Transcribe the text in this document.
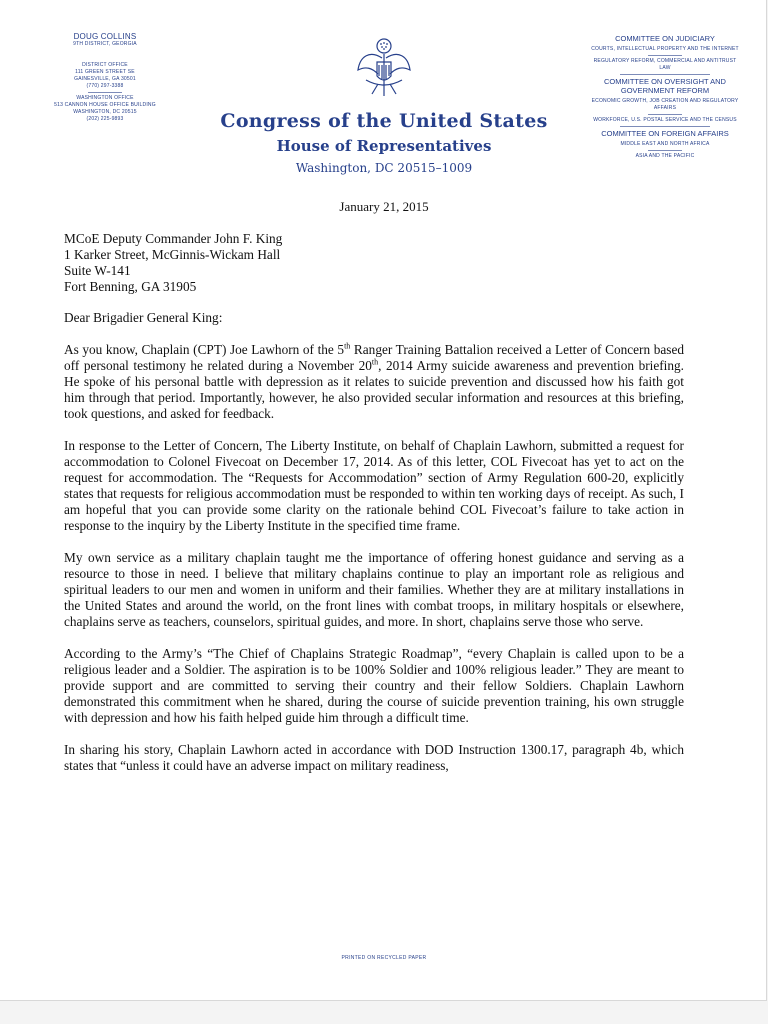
DOUG COLLINS
9TH DISTRICT, GEORGIA
DISTRICT OFFICE
111 GREEN STREET SE
GAINESVILLE, GA 30501
(770) 297-3388
WASHINGTON OFFICE
513 CANNON HOUSE OFFICE BUILDING
WASHINGTON, DC 20515
(202) 225-9893	Congress of the United States
House of Representatives
Washington, DC 20515–1009
COMMITTEE ON JUDICIARY
COURTS, INTELLECTUAL PROPERTY AND THE INTERNET
REGULATORY REFORM, COMMERCIAL AND ANTITRUST LAW
COMMITTEE ON OVERSIGHT AND GOVERNMENT REFORM
ECONOMIC GROWTH, JOB CREATION AND REGULATORY AFFAIRS
WORKFORCE, U.S. POSTAL SERVICE AND THE CENSUS
COMMITTEE ON FOREIGN AFFAIRS
MIDDLE EAST AND NORTH AFRICA
ASIA AND THE PACIFIC
January 21, 2015
MCoE Deputy Commander John F. King
1 Karker Street, McGinnis-Wickam Hall
Suite W-141
Fort Benning, GA 31905

Dear Brigadier General King:

As you know, Chaplain (CPT) Joe Lawhorn of the 5th Ranger Training Battalion received a Letter of Concern based off personal testimony he related during a November 20th, 2014 Army suicide awareness and prevention briefing. He spoke of his personal battle with depression as it relates to suicide prevention and discussed how his faith got him through that period. Importantly, however, he also provided secular information and resources at this briefing, took questions, and asked for feedback.

In response to the Letter of Concern, The Liberty Institute, on behalf of Chaplain Lawhorn, submitted a request for accommodation to Colonel Fivecoat on December 17, 2014. As of this letter, COL Fivecoat has yet to act on the request for accommodation. The “Requests for Accommodation” section of Army Regulation 600-20, explicitly states that requests for religious accommodation must be responded to within ten working days of receipt. As such, I am hopeful that you can provide some clarity on the rationale behind COL Fivecoat’s failure to take action in response to the inquiry by the Liberty Institute in the specified time frame.

My own service as a military chaplain taught me the importance of offering honest guidance and serving as a resource to those in need. I believe that military chaplains continue to play an important role as religious and spiritual leaders to our men and women in uniform and their families. Whether they are at military installations in the United States and around the world, on the front lines with combat troops, in military hospitals or elsewhere, chaplains serve as teachers, counselors, spiritual guides, and more. In short, chaplains serve those who serve.

According to the Army’s “The Chief of Chaplains Strategic Roadmap”, “every Chaplain is called upon to be a religious leader and a Soldier. The aspiration is to be 100% Soldier and 100% religious leader.” They are meant to provide support and are committed to serving their country and their fellow Soldiers. Chaplain Lawhorn demonstrated this commitment when he shared, during the course of suicide prevention training, his own struggle with depression and how his faith helped guide him through a difficult time.

In sharing his story, Chaplain Lawhorn acted in accordance with DOD Instruction 1300.17, paragraph 4b, which states that “unless it could have an adverse impact on military readiness,

PRINTED ON RECYCLED PAPER
